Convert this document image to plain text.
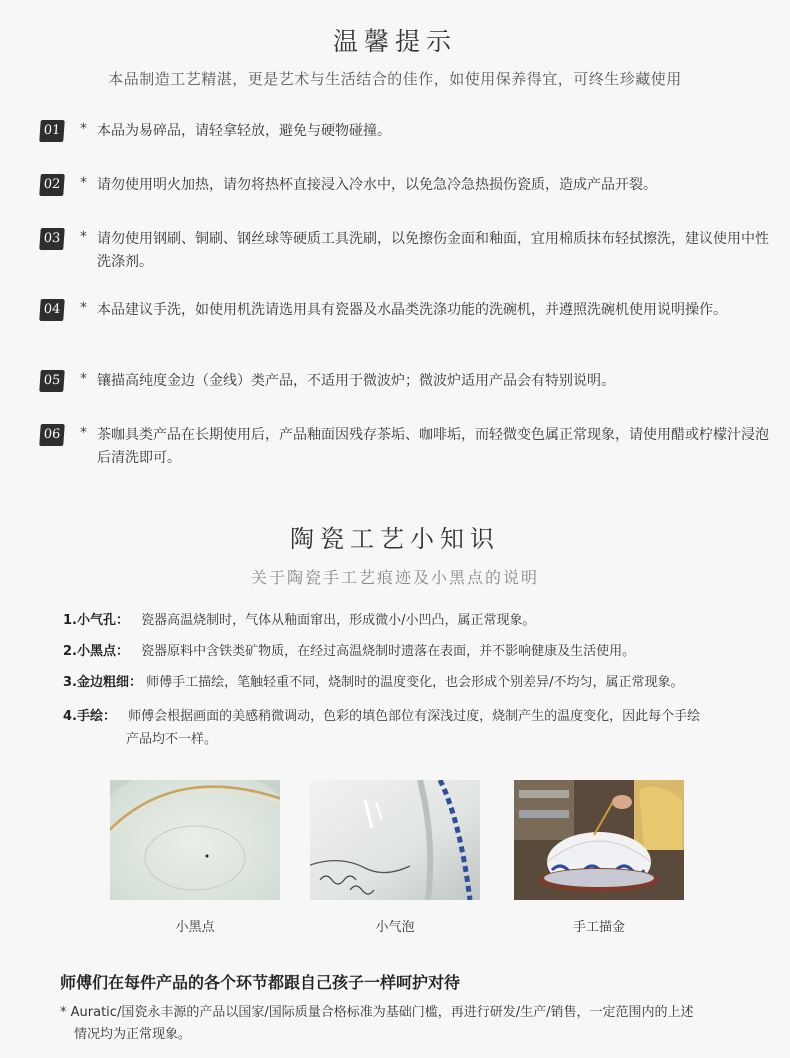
温馨提示
本品制造工艺精湛，更是艺术与生活结合的佳作，如使用保养得宜，可终生珍藏使用
01 * 本品为易碎品，请轻拿轻放，避免与硬物碰撞。
02 * 请勿使用明火加热，请勿将热杯直接浸入冷水中，以免急冷急热损伤瓷质，造成产品开裂。
03 * 请勿使用钢刷、铜刷、钢丝球等硬质工具洗刷，以免擦伤金面和釉面，宜用棉质抹布轻拭擦洗，建议使用中性洗涤剂。
04 * 本品建议手洗，如使用机洗请选用具有瓷器及水晶类洗涤功能的洗碗机，并遵照洗碗机使用说明操作。
05 * 镶描高纯度金边（金线）类产品，不适用于微波炉；微波炉适用产品会有特别说明。
06 * 茶咖具类产品在长期使用后，产品釉面因残存茶垢、咖啡垢，而轻微变色属正常现象，请使用醋或柠檬汁浸泡后清洗即可。
陶瓷工艺小知识
关于陶瓷手工艺痕迹及小黑点的说明
1.小气孔： 瓷器高温烧制时，气体从釉面窜出，形成微小/小凹凸，属正常现象。
2.小黑点： 瓷器原料中含铁类矿物质，在经过高温烧制时遗落在表面，并不影响健康及生活使用。
3.金边粗细： 师傅手工描绘，笔触轻重不同，烧制时的温度变化，也会形成个别差异/不均匀，属正常现象。
4.手绘： 师傅会根据画面的美感稍微调动，色彩的填色部位有深浅过度，烧制产生的温度变化，因此每个手绘
产品均不一样。
小黑点	小气泡	手工描金
师傅们在每件产品的各个环节都跟自己孩子一样呵护对待
* Auratic/国瓷永丰源的产品以国家/国际质量合格标准为基础门槛，再进行研发/生产/销售，一定范围内的上述
情况均为正常现象。
